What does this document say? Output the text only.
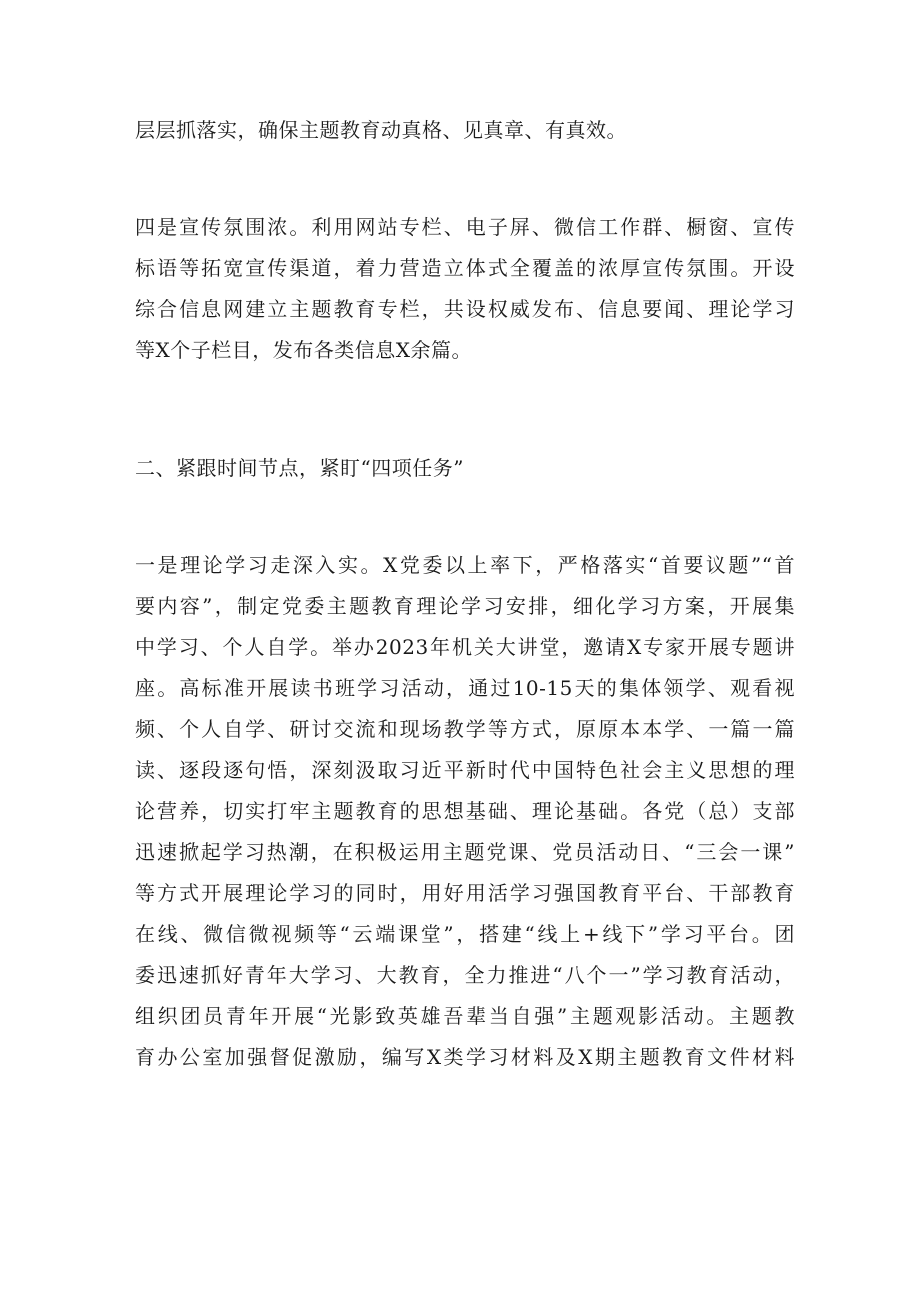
层层抓落实，确保主题教育动真格、见真章、有真效。
四是宣传氛围浓。利用网站专栏、电子屏、微信工作群、橱窗、宣传
标语等拓宽宣传渠道，着力营造立体式全覆盖的浓厚宣传氛围。开设
综合信息网建立主题教育专栏，共设权威发布、信息要闻、理论学习
等X个子栏目，发布各类信息X余篇。
二、紧跟时间节点，紧盯“四项任务”
一是理论学习走深入实。X党委以上率下，严格落实“首要议题”“首
要内容”，制定党委主题教育理论学习安排，细化学习方案，开展集
中学习、个人自学。举办2023年机关大讲堂，邀请X专家开展专题讲
座。高标准开展读书班学习活动，通过10-15天的集体领学、观看视
频、个人自学、研讨交流和现场教学等方式，原原本本学、一篇一篇
读、逐段逐句悟，深刻汲取习近平新时代中国特色社会主义思想的理
论营养，切实打牢主题教育的思想基础、理论基础。各党（总）支部
迅速掀起学习热潮，在积极运用主题党课、党员活动日、“三会一课”
等方式开展理论学习的同时，用好用活学习强国教育平台、干部教育
在线、微信微视频等“云端课堂”，搭建“线上+线下”学习平台。团
委迅速抓好青年大学习、大教育，全力推进“八个一”学习教育活动，
组织团员青年开展“光影致英雄吾辈当自强”主题观影活动。主题教
育办公室加强督促激励，编写X类学习材料及X期主题教育文件材料
